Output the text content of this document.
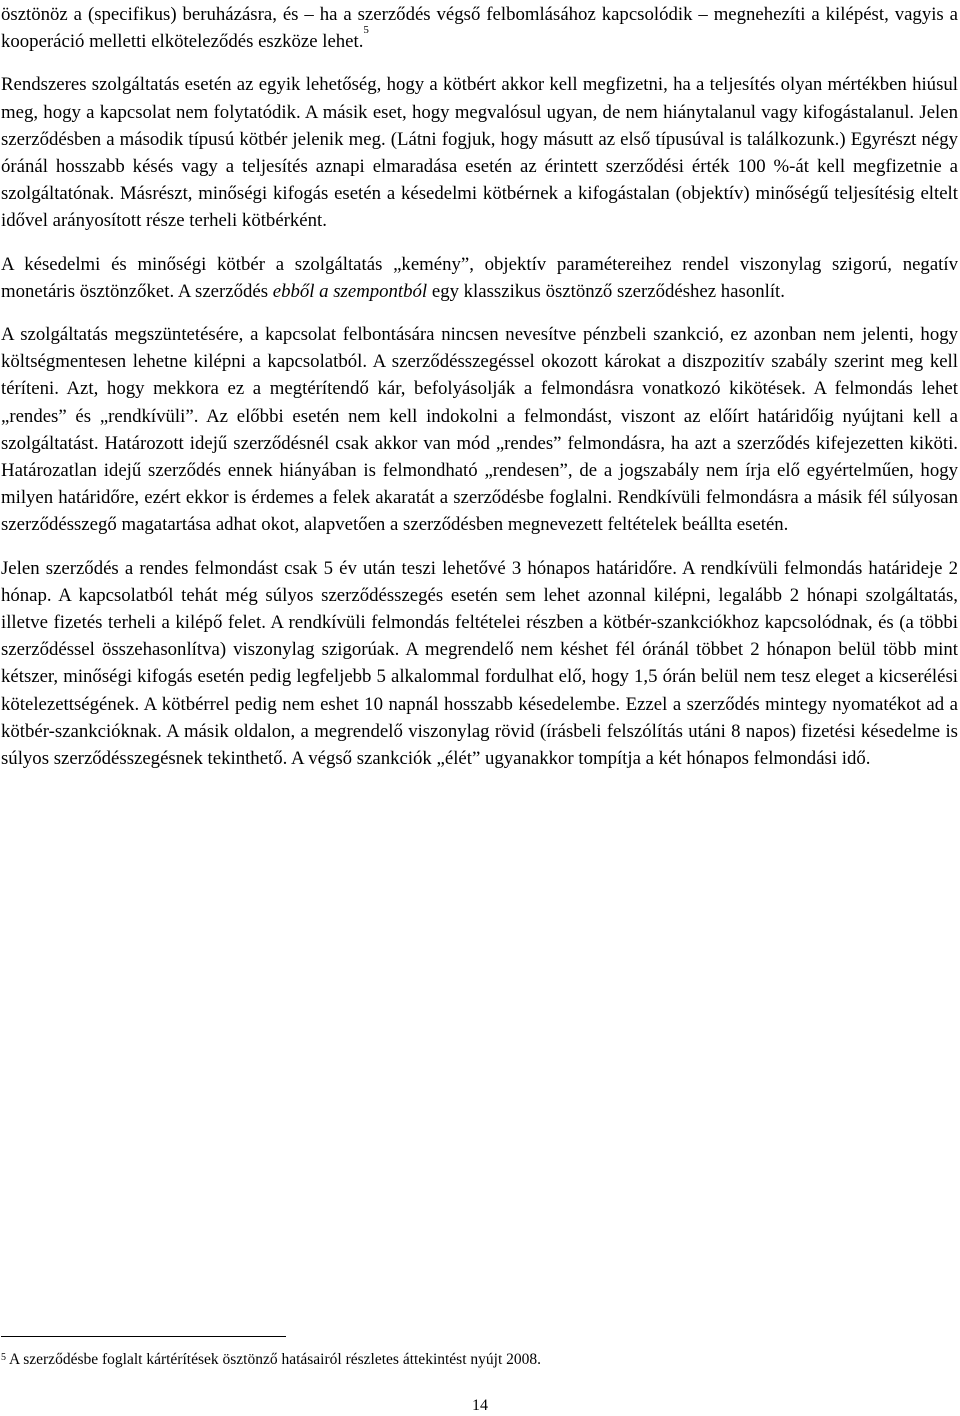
ösztönöz a (specifikus) beruházásra, és – ha a szerződés végső felbomlásához kapcsolódik – megnehezíti a kilépést, vagyis a kooperáció melletti elköteleződés eszköze lehet.$^5$

Rendszeres szolgáltatás esetén az egyik lehetőség, hogy a kötbért akkor kell megfizetni, ha a teljesítés olyan mértékben hiúsul meg, hogy a kapcsolat nem folytatódik. A másik eset, hogy megvalósul ugyan, de nem hiánytalanul vagy kifogástalanul. Jelen szerződésben a második típusú kötbér jelenik meg. (Látni fogjuk, hogy másutt az első típusúval is találkozunk.) Egyrészt négy óránál hosszabb késés vagy a teljesítés aznapi elmaradása esetén az érintett szerződési érték 100 %-át kell megfizetnie a szolgáltatónak. Másrészt, minőségi kifogás esetén a késedelmi kötbérnek a kifogástalan (objektív) minőségű teljesítésig eltelt idővel arányosított része terheli kötbérként.

A késedelmi és minőségi kötbér a szolgáltatás „kemény”, objektív paramétereihez rendel viszonylag szigorú, negatív monetáris ösztönzőket. A szerződés ebből a szempontból egy klasszikus ösztönző szerződéshez hasonlít.

A szolgáltatás megszüntetésére, a kapcsolat felbontására nincsen nevesítve pénzbeli szankció, ez azonban nem jelenti, hogy költségmentesen lehetne kilépni a kapcsolatból. A szerződésszegéssel okozott károkat a diszpozitív szabály szerint meg kell téríteni. Azt, hogy mekkora ez a megtérítendő kár, befolyásolják a felmondásra vonatkozó kikötések. A felmondás lehet „rendes” és „rendkívüli”. Az előbbi esetén nem kell indokolni a felmondást, viszont az előírt határidőig nyújtani kell a szolgáltatást. Határozott idejű szerződésnél csak akkor van mód „rendes” felmondásra, ha azt a szerződés kifejezetten kiköti. Határozatlan idejű szerződés ennek hiányában is felmondható „rendesen”, de a jogszabály nem írja elő egyértelműen, hogy milyen határidőre, ezért ekkor is érdemes a felek akaratát a szerződésbe foglalni. Rendkívüli felmondásra a másik fél súlyosan szerződésszegő magatartása adhat okot, alapvetően a szerződésben megnevezett feltételek beállta esetén.

Jelen szerződés a rendes felmondást csak 5 év után teszi lehetővé 3 hónapos határidőre. A rendkívüli felmondás határideje 2 hónap. A kapcsolatból tehát még súlyos szerződésszegés esetén sem lehet azonnal kilépni, legalább 2 hónapi szolgáltatás, illetve fizetés terheli a kilépő felet. A rendkívüli felmondás feltételei részben a kötbér-szankciókhoz kapcsolódnak, és (a többi szerződéssel összehasonlítva) viszonylag szigorúak. A megrendelő nem késhet fél óránál többet 2 hónapon belül több mint kétszer, minőségi kifogás esetén pedig legfeljebb 5 alkalommal fordulhat elő, hogy 1,5 órán belül nem tesz eleget a kicserélési kötelezettségének. A kötbérrel pedig nem eshet 10 napnál hosszabb késedelembe. Ezzel a szerződés mintegy nyomatékot ad a kötbér-szankcióknak. A másik oldalon, a megrendelő viszonylag rövid (írásbeli felszólítás utáni 8 napos) fizetési késedelme is súlyos szerződésszegésnek tekinthető. A végső szankciók „élét” ugyanakkor tompítja a két hónapos felmondási idő.

$^5$ A szerződésbe foglalt kártérítések ösztönző hatásairól részletes áttekintést nyújt 2008.
14
